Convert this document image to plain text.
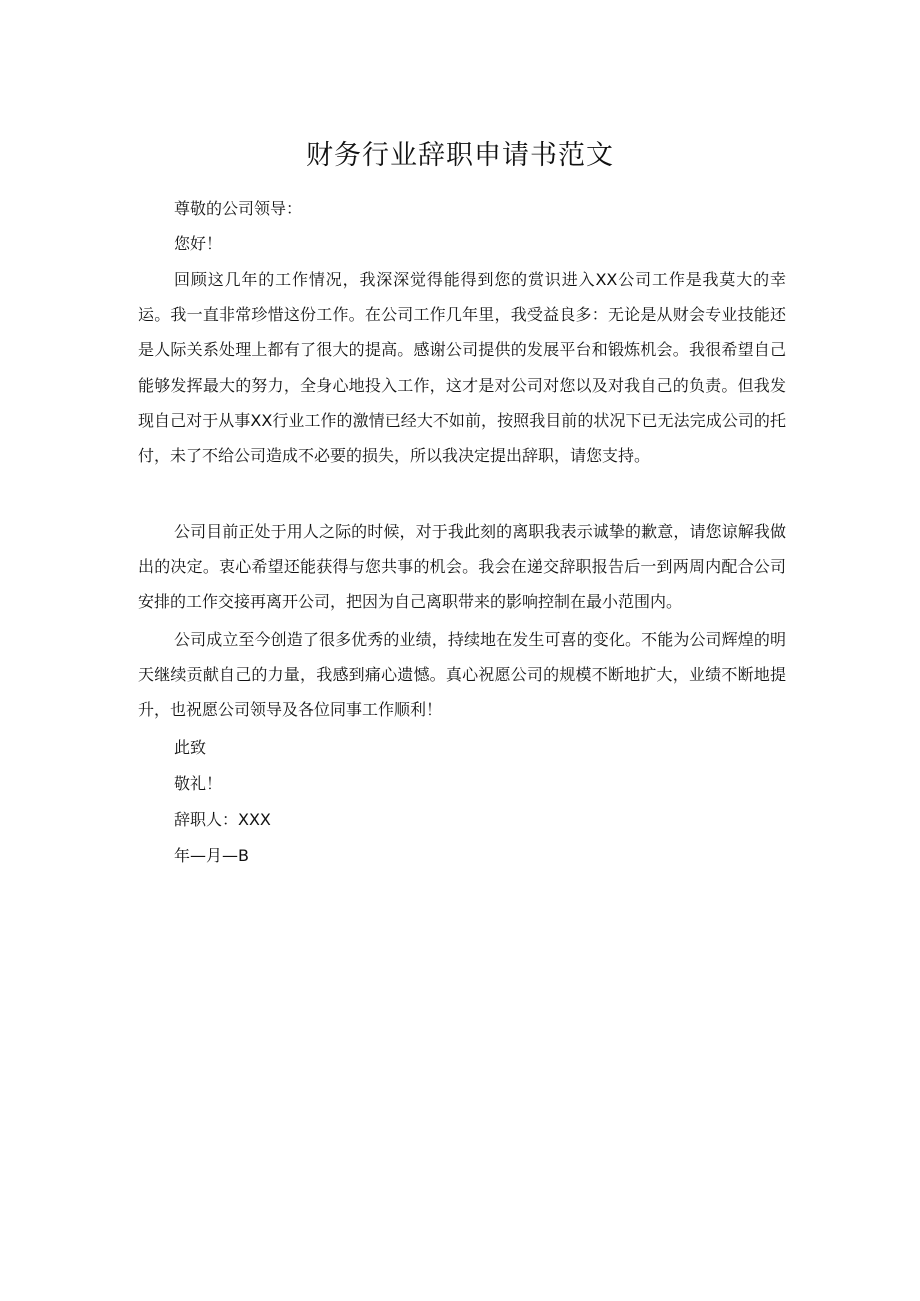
财务行业辞职申请书范文
尊敬的公司领导：
您好！
回顾这几年的工作情况，我深深觉得能得到您的赏识进入XX公司工作是我莫大的幸运。我一直非常珍惜这份工作。在公司工作几年里，我受益良多：无论是从财会专业技能还是人际关系处理上都有了很大的提高。感谢公司提供的发展平台和锻炼机会。我很希望自己能够发挥最大的努力，全身心地投入工作，这才是对公司对您以及对我自己的负责。但我发现自己对于从事XX行业工作的激情已经大不如前，按照我目前的状况下已无法完成公司的托付，未了不给公司造成不必要的损失，所以我决定提出辞职，请您支持。
公司目前正处于用人之际的时候，对于我此刻的离职我表示诚挚的歉意，请您谅解我做出的决定。衷心希望还能获得与您共事的机会。我会在递交辞职报告后一到两周内配合公司安排的工作交接再离开公司，把因为自己离职带来的影响控制在最小范围内。
公司成立至今创造了很多优秀的业绩，持续地在发生可喜的变化。不能为公司辉煌的明天继续贡献自己的力量，我感到痛心遗憾。真心祝愿公司的规模不断地扩大，业绩不断地提升，也祝愿公司领导及各位同事工作顺利！
此致
敬礼！
辞职人：XXX
年—月—B
